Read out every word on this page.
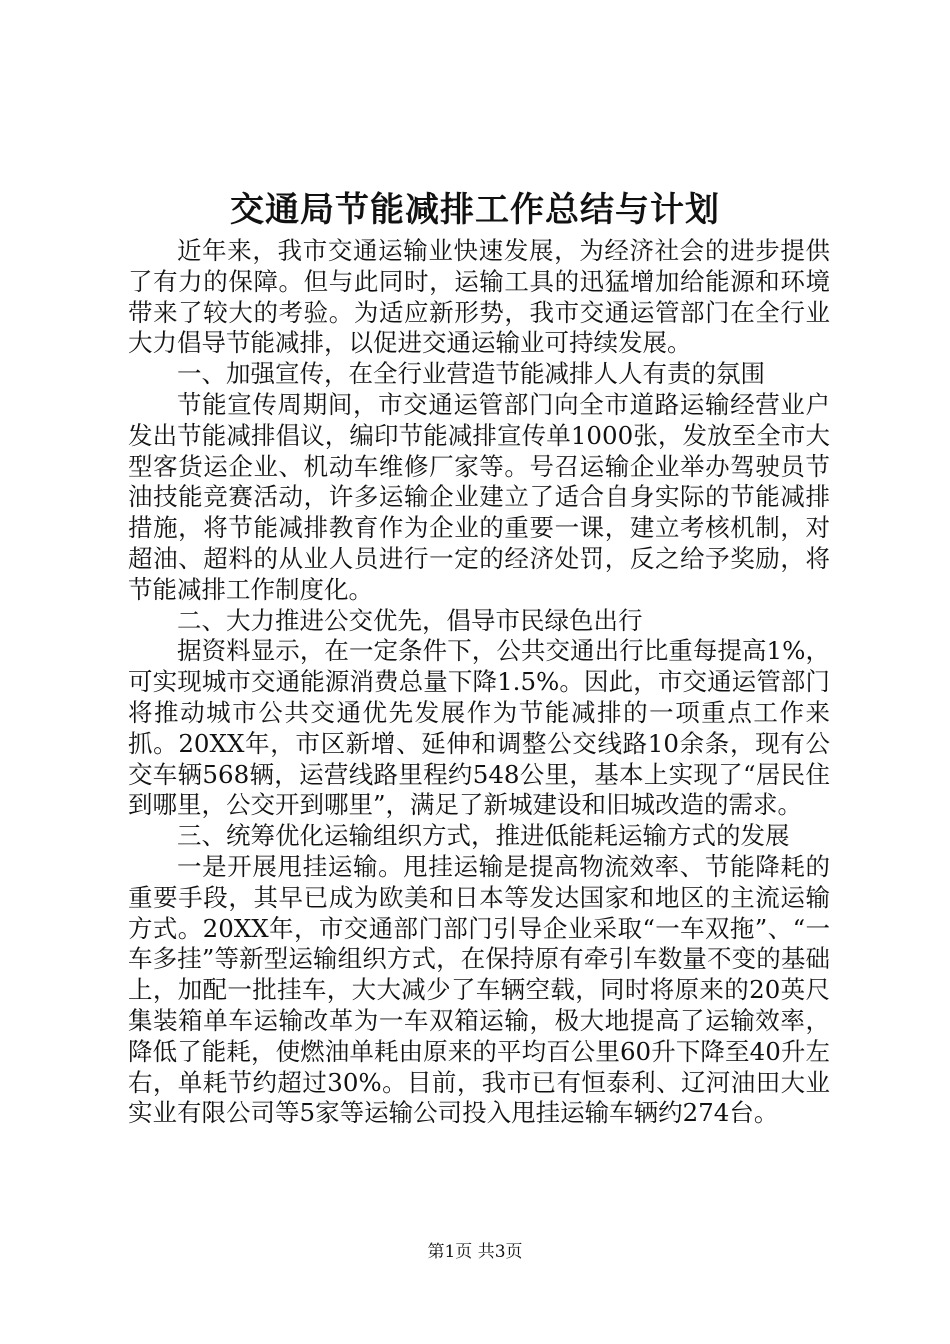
交通局节能减排工作总结与计划

近年来，我市交通运输业快速发展，为经济社会的进步提供了有力的保障。但与此同时，运输工具的迅猛增加给能源和环境带来了较大的考验。为适应新形势，我市交通运管部门在全行业大力倡导节能减排，以促进交通运输业可持续发展。

一、加强宣传，在全行业营造节能减排人人有责的氛围

节能宣传周期间，市交通运管部门向全市道路运输经营业户发出节能减排倡议，编印节能减排宣传单1000张，发放至全市大型客货运企业、机动车维修厂家等。号召运输企业举办驾驶员节油技能竞赛活动，许多运输企业建立了适合自身实际的节能减排措施，将节能减排教育作为企业的重要一课，建立考核机制，对超油、超料的从业人员进行一定的经济处罚，反之给予奖励，将节能减排工作制度化。

二、大力推进公交优先，倡导市民绿色出行

据资料显示，在一定条件下，公共交通出行比重每提高1%，可实现城市交通能源消费总量下降1.5%。因此，市交通运管部门将推动城市公共交通优先发展作为节能减排的一项重点工作来抓。20XX年，市区新增、延伸和调整公交线路10余条，现有公交车辆568辆，运营线路里程约548公里，基本上实现了“居民住到哪里，公交开到哪里”，满足了新城建设和旧城改造的需求。

三、统筹优化运输组织方式，推进低能耗运输方式的发展

一是开展甩挂运输。甩挂运输是提高物流效率、节能降耗的重要手段，其早已成为欧美和日本等发达国家和地区的主流运输方式。20XX年，市交通部门部门引导企业采取“一车双拖”、“一车多挂”等新型运输组织方式，在保持原有牵引车数量不变的基础上，加配一批挂车，大大减少了车辆空载，同时将原来的20英尺集装箱单车运输改革为一车双箱运输，极大地提高了运输效率，降低了能耗，使燃油单耗由原来的平均百公里60升下降至40升左右，单耗节约超过30%。目前，我市已有恒泰利、辽河油田大业实业有限公司等5家等运输公司投入甩挂运输车辆约274台。

第1页 共3页
